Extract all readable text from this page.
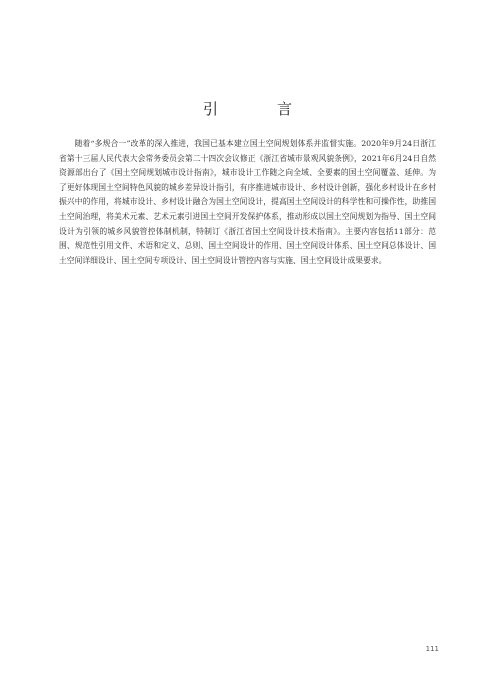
引　言

随着“多规合一”改革的深入推进，我国已基本建立国土空间规划体系并监督实施。2020年9月24日浙江省第十三届人民代表大会常务委员会第二十四次会议修正《浙江省城市景观风貌条例》，2021年6月24日自然资源部出台了《国土空间规划城市设计指南》，城市设计工作随之向全域、全要素的国土空间覆盖、延伸。为了更好体现国土空间特色风貌的城乡差异设计指引，有序推进城市设计、乡村设计创新，强化乡村设计在乡村振兴中的作用，将城市设计、乡村设计融合为国土空间设计，提高国土空间设计的科学性和可操作性，助推国土空间治理，将美术元素、艺术元素引进国土空间开发保护体系，推动形成以国土空间规划为指导、国土空间设计为引领的城乡风貌管控体制机制，特制订《浙江省国土空间设计技术指南》。主要内容包括11部分：范围、规范性引用文件、术语和定义、总则、国土空间设计的作用、国土空间设计体系、国土空间总体设计、国土空间详细设计、国土空间专项设计、国土空间设计管控内容与实施、国土空间设计成果要求。

111
